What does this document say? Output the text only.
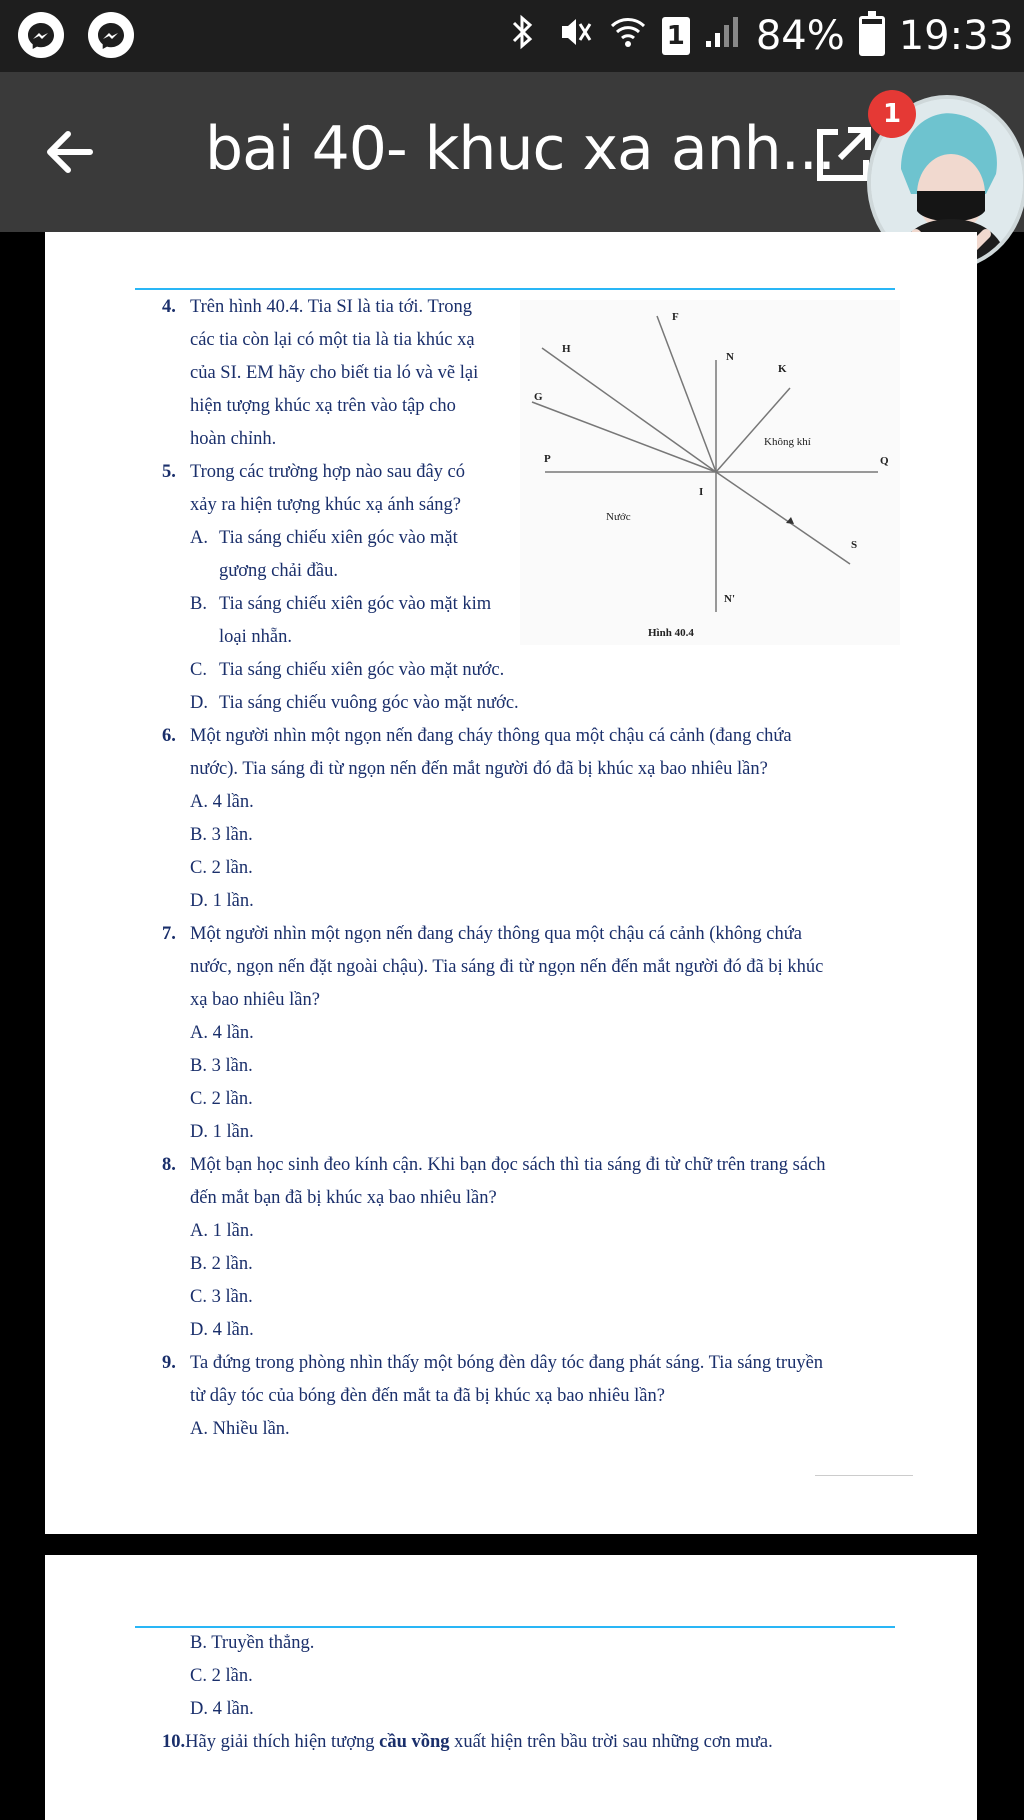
1 84% 19:33
bai 40- khuc xa anh...	1
4. Trên hình 40.4. Tia SI là tia tới. Trong
các tia còn lại có một tia là tia khúc xạ
của SI. EM hãy cho biết tia ló và vẽ lại
hiện tượng khúc xạ trên vào tập cho
hoàn chỉnh.
5. Trong các trường hợp nào sau đây có
xảy ra hiện tượng khúc xạ ánh sáng?
A. Tia sáng chiếu xiên góc vào mặt
gương chải đầu.
B. Tia sáng chiếu xiên góc vào mặt kim
loại nhẵn.
C. Tia sáng chiếu xiên góc vào mặt nước.
D. Tia sáng chiếu vuông góc vào mặt nước.
6. Một người nhìn một ngọn nến đang cháy thông qua một chậu cá cảnh (đang chứa
nước). Tia sáng đi từ ngọn nến đến mắt người đó đã bị khúc xạ bao nhiêu lần?
A. 4 lần.
B. 3 lần.
C. 2 lần.
D. 1 lần.
7. Một người nhìn một ngọn nến đang cháy thông qua một chậu cá cảnh (không chứa
nước, ngọn nến đặt ngoài chậu). Tia sáng đi từ ngọn nến đến mắt người đó đã bị khúc
xạ bao nhiêu lần?
A. 4 lần.
B. 3 lần.
C. 2 lần.
D. 1 lần.
8. Một bạn học sinh đeo kính cận. Khi bạn đọc sách thì tia sáng đi từ chữ trên trang sách
đến mắt bạn đã bị khúc xạ bao nhiêu lần?
A. 1 lần.
B. 2 lần.
C. 3 lần.
D. 4 lần.
9. Ta đứng trong phòng nhìn thấy một bóng đèn dây tóc đang phát sáng. Tia sáng truyền
từ dây tóc của bóng đèn đến mắt ta đã bị khúc xạ bao nhiêu lần?
A. Nhiều lần.
F
H
N
K
G
P	Q
I
S
N'
Không khí
Nước
Hình 40.4
B. Truyền thẳng.
C. 2 lần.
D. 4 lần.
10.Hãy giải thích hiện tượng cầu vồng xuất hiện trên bầu trời sau những cơn mưa.
